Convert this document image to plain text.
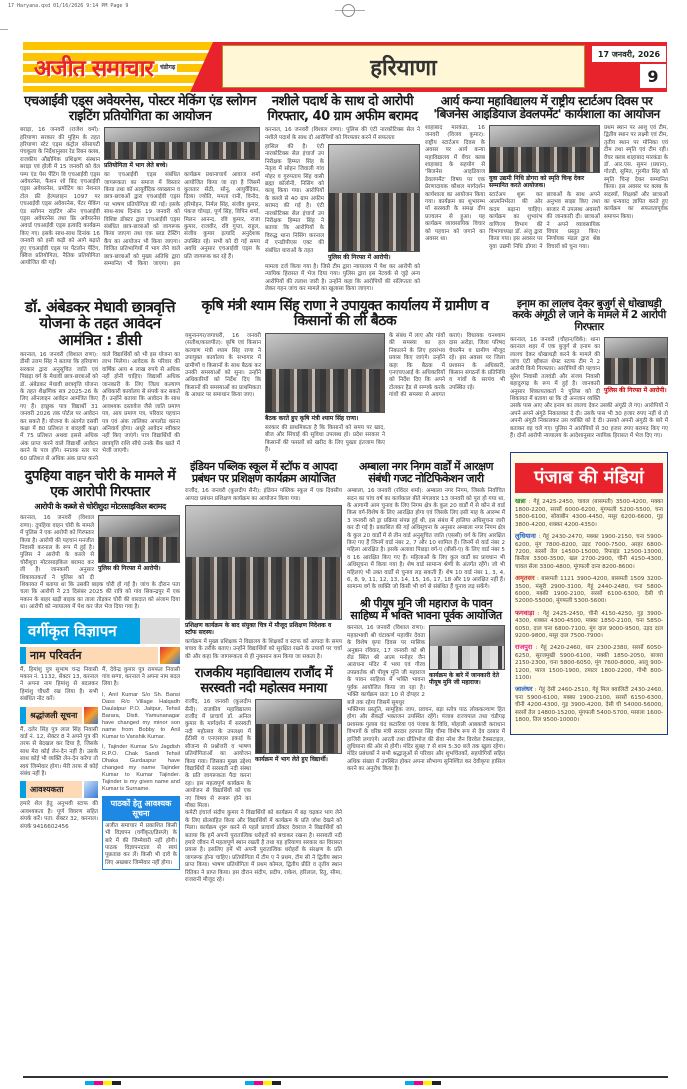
17 Haryana.qxd 01/16/2026 9:14 PM Page 9
अजीत समाचार	चंडीगढ़	हरियाणा
17 जनवरी, 2026
9
एचआईवी एड्स अवेयरनेस, पोस्टर मेकिंग एंड स्लोगन राइटिंग प्रतियोगिता का आयोजन
बराड़ा, 16 जनवरी (राजेश वर्मा): हरियाणा सरकार की मुहिम के तहत हरियाणा स्टेट एड्स कंट्रोल सोसायटी पंचकूला के निर्देशानुसार रेड रिबन क्लब, राजकीय औद्योगिक प्रशिक्षण संस्थान बराड़ा एवं होली में 15 जनवरी को वेल पम्प एंड पेस पेंटिंग वि एचआईवी एड्स अवेयरनेस, फैशन शो बिंद एचआईवी एड्स अवेयरनेस, प्रमोटिंग का नेशनल टोल फ्री हेल्पलाइन 1097 पर एचआईवी एड्स अवेयरनेस, पेंटर मेकिंग एंड स्लोगन राइटिंग ऑन एचआईवी एड्स अवेयरनेस तथा फ्रि अवेयरनेस अवार्ड एचआईवी एड्स इत्यादि कार्यक्रम किए गए। इसके साथ-साथ दिनांक 16 जनवरी को इसी कड़ी को आगे बढ़ाते हुए एचआईवी एड्स पर पेंटलोन पेंटिंग, क्विज प्रतियोगिता, नैतिक प्रतियोगिता आयोजित की गई।
प्रतियोगिता में भाग लेते बच्चे।
का एचआईवी एड्स संबंधित जागरूकता का समाज में विस्तार किया तथा कॉ आयुर्वेदिक व्याख्यान व छात्र-छात्राओं द्वारा एचआईवी एड्स पर भाषण प्रतियोगिता की गई। इसके साथ-साथ दिनांक 19 जनवरी को विशिष्ट डॉक्टर द्वारा एचआईवी एड्स संबंधित छात्र-छात्राओं को जागरूक किया जाएगा तथा एक ब्लड टेस्टिंग कैंप का आयोजन भी किया जाएगा। विजित प्रतिभागियों में भाग लेने वाले छात्र-छात्राओं को मुख्य अतिथि द्वारा सम्मानित भी किया जाएगा। इस कार्यक्रम प्रधानाचार्य आवाज शर्मा आयोजित किया जा रहा है जिसमें कुलतार सेठी, सोनू, आयुर्वेदिका, दिव्या ज्योति, ममता रानी, विनोद, हरिमोहन, निर्मल सिंह, संजीव कुमार, पंकज चोपड़ा, पूर्ण सिंह, विपिन शर्मा, मिलन आनन्द, रवि कुमार, राजा कुमार, राजवीर, रवि गुप्ता, राहुल, संजीव कुमार इत्यादि अनुदेशक उपस्थित रहे। सभी को दी गई समय अवधि अनुसार एचआईवी एड्स के प्रति जागरूक कर रहे हैं।
नशीले पदार्थ के साथ दो आरोपी गिरफ्तार, 40 ग्राम अफीम बरामद
करनाल, 16 जनवरी (विशाल राणा): पुलिस की एंटी नारकोटिक्स सेल ने नशीले पदार्थ के साथ दो आरोपियों को गिरफ्तार करने में सफलता
हासिल की है। एंटी नारकोटिक्स सेल इंचार्ज उप निरीक्षक हिम्मत सिंह के नेतृत्व में सोहन जिवाली गांव मोहर व गुरुपताप सिंह वासी ब्रह्मा कॉलोनी, निसिंग को काबू किया गया। आरोपियों के कब्जे से 40 ग्राम अफीम बरामद की गई है। एंटी नारकोटिक्स सेल इंचार्ज उप निरीक्षक हिम्मत सिंह ने बताया कि आरोपियों के विरुद्ध थाना निसिंग करनाल में एनडीपीएस एक्ट की संबंधित धाराओं के तहत
पुलिस की गिरफ्त में आरोपी।
मामला दर्ज किया गया है। जिसे टीम द्वारा न्यायालय में पेश कर आरोपी को न्यायिक हिरासत में भेज दिया गया। पुलिस द्वारा इस नेटवर्क से जुड़े अन्य आरोपियों की तलाश जारी है। उन्होंने कहा कि आरोपियों की संलिप्तता को लेकर गहन जांच कर मामले का खुलासा किया जाएगा।
आर्य कन्या महाविद्यालय में राष्ट्रीय स्टार्टअप दिवस पर 'बिजनेस आइडियाज डेवलपमेंट' कार्यशाला का आयोजन
शाहाबाद मारकंडा, 16 जनवरी (विजय कुमार): राष्ट्रीय स्टार्टअप दिवस के अवसर पर आर्य कन्या महाविद्यालय में वेंचर क्लब शाहाबाद के सहयोग से 'बिजनेस आइडियाज डेवलपमेंट' विषय पर एक प्रेरणादायक कौशल मार्गदर्शन कार्यशाला का आयोजन किया गया। कार्यक्रम का शुभारम्भ माँ सरस्वती के समक्ष दीप प्रज्वलन से हुआ। यह कार्यक्रम व्यावसायिक विचार को पहचान को जगाने का अवसर था।
युवा उद्यमी निधि डोगरा को स्मृति चिन्ह देकर सम्मानित करते आयोजक।
स्टार्टअप शुरू कर आत्मनिर्भरता की ओर कदम बढ़ाना चाहिए। कार्यक्रम का शुभारंभ वाणिज्य विभाग की विभागाध्यक्ष डॉ. अंजु द्वारा किया गया। इस अवसर पर युवा उद्यमी निधि डोगरा ने छात्राओं के साथ अपने अनुभव साझा किए तथा बाजार में उपलब्ध अवसरों की जानकारी दी। छात्राओं ने अपने व्यावसायिक विचार प्रस्तुत किए। निर्णायक मंडल द्वारा श्रेष्ठ विचारों को चुना गया।
प्रथम स्थान पर आशु एवं टीम, द्वितीय स्थान पर लक्ष्मी एवं टीम, तृतीय स्थान पर मोनिका एवं टीम तथा स्मृति एवं टीम रही। वेंचर क्लब शाहाबाद मारकंडा के डॉ. आर.एस. सुमन (प्रधान), गोल्डी, सुमित, गुरमीत सिंह को स्मृति चिन्ह देकर सम्मानित किया। इस अवसर पर क्लब के सदस्यों, शिक्षकों और छात्राओं का धन्यवाद ज्ञापित करते हुए कार्यक्रम का सफलतापूर्वक समापन किया।
डॉ. अंबेडकर मेधावी छात्रवृत्ति योजना के तहत आवेदन आमंत्रित : डीसी
करनाल, 16 जनवरी (विशाल राणा): डीसी उत्तम सिंह ने बताया कि हरियाणा सरकार द्वारा अनुसूचित जाति एवं पिछड़ा वर्ग के मेधावी छात्र-छात्राओं को डॉ. अंबेडकर मेधावी छात्रवृत्ति योजना के तहत शैक्षणिक सत्र 2025-26 के लिए ऑनलाइन आवेदन आमंत्रित किए गए हैं। इच्छुक पात्र विद्यार्थी 31 जनवरी 2026 तक पोर्टल पर आवेदन कर सकते हैं। योजना के अंतर्गत दसवीं कक्षा में 80 प्रतिशत व बारहवीं कक्षा में 75 प्रतिशत अथवा इससे अधिक अंक प्राप्त करने वाले विद्यार्थी आवेदन करने के पात्र होंगे। स्नातक स्तर पर 60 प्रतिशत से अधिक अंक प्राप्त करने वाले विद्यार्थियों को भी इस योजना का लाभ मिलेगा। आवेदक के परिवार की वार्षिक आय 4 लाख रुपये से अधिक नहीं होनी चाहिए। विद्यार्थी अधिक जानकारी के लिए जिला कल्याण अधिकारी कार्यालय से संपर्क कर सकते हैं। उन्होंने बताया कि आवेदन के साथ आवश्यक दस्तावेज जैसे जाति प्रमाण पत्र, आय प्रमाण पत्र, परिवार पहचान पत्र एवं अंक तालिका अपलोड करना अनिवार्य होगा। अधूरे आवेदन स्वीकार नहीं किए जाएंगे। पात्र विद्यार्थियों की छात्रवृत्ति राशि सीधे उनके बैंक खाते में भेजी जाएगी।
दुपहिया वाहन चोरी के मामले में एक आरोपी गिरफ्तार
आरोपी के कब्जे से चोरीशुदा मोटरसाइकिल बरामद
पुलिस की गिरफ्त में आरोपी।
करनाल, 16 जनवरी (विशाल राणा): दुपहिया वाहन चोरी के मामले में पुलिस ने एक आरोपी को गिरफ्तार किया है। आरोपी की पहचान मनजीत निवासी करनाल के रूप में हुई है। पुलिस ने आरोपी के कब्जे से चोरीशुदा मोटरसाइकिल बरामद कर ली है। जानकारी अनुसार शिकायतकर्ता ने पुलिस को दी शिकायत में बताया था कि उसकी बाइक चोरी हो गई है। जांच के दौरान पता चला कि आरोपी ने 23 दिसंबर 2025 की रात्रि को गांव सिकन्द्रपुर में एक मकान के बाहर खड़ी बाइक का ताला तोड़कर चोरी की वारदात को अंजाम दिया था। आरोपी को न्यायालय में पेश कर जेल भेज दिया गया है।
वर्गीकृत विज्ञापन
नाम परिवर्तन
मैं, हिमांशु पुत्र सुभाष चन्द्र निवासी मकान नं. 1132, सेक्टर 13, करनाल ने अपना नाम हिमांशु से बदलकर हिमांशु चौधरी रख लिया है। सभी संबंधित नोट करें।
श्रद्धांजली सूचना
मैं, दलेर सिंह पुत्र लाल सिंह निवासी वार्ड नं. 12, सेक्टर 8 ने अपने पुत्र की तरफ से बेदखल कर दिया है, जिसके साथ मेरा कोई लेन-देन नहीं है। उसके साथ कोई भी व्यक्ति लेन-देन करेगा तो स्वयं जिम्मेवार होगा। मेरी तरफ से कोई संबंध नहीं है।
आवश्यकता
हमारे शेल हेतु अनुभवी स्टाफ की आवश्यकता है। पूर्ण विवरण सहित संपर्क करें। पता: सेक्टर 32, करनाल। संपर्क 9416602456
मैं, देवेन्द्र कुमार पुत्र रामफल निवासी गांव सग्गा, करनाल ने अपना नाम बदल लिया है।
I, Anil Kumar S/o Sh. Bansi Dass R/o Village Halqadh Daulatpur P.O. Jaitpur, Tehsil Barara, Distt. Yamunanagar have changed my minor son name from Bobby to Anil Kumar to Vanshik Kumar.
I, Tajinder Kumar S/o Jagdish R.P.O. Chak Sandi Tehsil Dhaka Gurdaspur have changed my name Tajinder Kumar to Kumar Tajinder. Tajinder is my given name and Kumar is Surname.
पाठकों हेतु आवश्यक सूचना
अजीत समाचार में प्रकाशित किसी भी विज्ञापन (वर्गीकृत/डिस्प्ले) के बारे में की जिम्मेवारी नहीं होगी। पाठक विज्ञापनदाता से स्वयं पूछताछ कर लें। किसी भी दावे के लिए अखबार जिम्मेवार नहीं होगा।
कृषि मंत्री श्याम सिंह राणा ने उपायुक्त कार्यालय में ग्रामीण व किसानों की ली बैठक
यमुनानगर/जगाधरी, 16 जनवरी (सतीश/कालपीत): कृषि एवं किसान कल्याण मंत्री श्याम सिंह राणा ने उपायुक्त कार्यालय के सभागार में ग्रामीणों व किसानों के साथ बैठक कर उनकी समस्याओं को सुना। उन्होंने अधिकारियों को निर्देश दिए कि किसानों की समस्याओं का प्राथमिकता के आधार पर समाधान किया जाए।
बैठक करते हुए कृषि मंत्री श्याम सिंह राणा।
सरकार की प्राथमिकता है कि किसानों को समय पर खाद, बीज और सिंचाई की सुविधा उपलब्ध हो। प्रदेश सरकार ने किसानों की फसलों को खरीद के लिए पुख्ता इंतजाम किए हैं।
के संबंध में लाए और गांवों की समस्या का हल निकालने के लिए हरसंभव प्रयास किए जाएंगे। उन्होंने कहा कि बैठक में एनएचएआई के अधिकारियों को निर्देश दिए कि अपने टोलकर हैड से सम्पर्क करके गांवों की समस्या से अवगत कराएं। विधायक घनश्याम दास अरोड़ा, जिला परिषद चेयरमैन व ग्रामीण मौजूद रहे। इस अवसर पर जिला प्रशासन के अधिकारी, किसान संगठनों के प्रतिनिधि व गांवों के सरपंच भी उपस्थित रहे।
इंडियन पब्लिक स्कूल में स्टॉफ व आपदा प्रबंधन पर प्रशिक्षण कार्यक्रम आयोजित
राजौंद, 16 जनवरी (कुलदीप सैनी): इंडियन पब्लिक स्कूल में एक दिवसीय आपदा प्रबंधन प्रशिक्षण कार्यक्रम का आयोजन किया गया।
प्रशिक्षण कार्यक्रम के बाद संयुक्त चित्र में मौजूद प्रशिक्षण निदेशक व स्टॉफ सदस्य।
कार्यक्रम में मुख्य प्रशिक्षक ने विद्यालय के शिक्षकों व स्टाफ को आपदा के समय बचाव के तरीके बताए। उन्होंने विद्यार्थियों को सुरक्षित रखने के उपायों पर चर्चा की और कहा कि जागरूकता से ही नुकसान कम किया जा सकता है।
राजकीय महाविद्यालय राजौंद में सरस्वती नदी महोत्सव मनाया
राजौंद, 16 जनवरी (कुलदीप सैनी): राजकीय महाविद्यालय राजौंद में प्राचार्य डॉ. अनिल कुमार के मार्गदर्शन में सरस्वती नदी महोत्सव के उपलक्ष्य में ईंटीसी व एनएसएस इकाई के सौजन्य से प्रश्नोत्तरी व भाषण प्रतियोगिताओं का आयोजन किया गया। जिसका मुख्य उद्देश्य विद्यार्थियों में सरस्वती नदी संस्था के प्रति जागरूकता पैदा करना रहा। इस महत्वपूर्ण कार्यक्रम के आयोजन से विद्यार्थियों को एक नए विषय से रूबरू होने का मौका मिला।
कार्यक्रम में भाग लेते हुए विद्यार्थी।
कमेटी इंचार्ज संदीप कुमार ने विद्यार्थियों को कार्यक्रम में बढ़ चढ़कर भाग लेने के लिए प्रोत्साहित किया और विद्यार्थियों में कार्यक्रम के प्रति जोश देखने को मिला। कार्यक्रम शुरू करने से पहले प्राचार्य डॉक्टर देवराज ने विद्यार्थियों को बताया कि हमें अपनी पुरातात्विक धरोहरों को बचाकर रखना है। सरस्वती नदी हमारे जीवन में महत्वपूर्ण स्थान रखती है तथा यह हरियाणा सरकार का विरासत प्रयास है। इसलिए हमें भी अपनी पुरातात्विक धरोहरों के संरक्षण के प्रति जागरूक होना चाहिए। प्रतियोगिता में टीम ए ने प्रथम, टीम सी ने द्वितीय स्थान प्राप्त किया। भाषण प्रतियोगिता में प्रथम कोमल, द्वितीय प्रीति व तृतीय स्थान रितिका ने प्राप्त किया। इस दौरान संदीप, प्रदीप, राकेश, हरिलाल, रितु, सीमा, राजरानी मौजूद रहे।
अम्बाला नगर निगम वार्डों में आरक्षण संबंधी गजट नोटिफिकेशन जारी
अम्बाला, 16 जनवरी (रविंदर शर्मा): अम्बाला नगर निगम, जिसके निर्वाचित सदन का पांच वर्ष का कार्यकाल बीते मंगलवार 13 जनवरी को पूरा हो गया था, के आगामी आम चुनाव के लिए निगम क्षेत्र के कुल 20 वार्डों में से कौन से वार्ड किस वर्ग-विशेष के लिए आरक्षित होगा एवं जिसके लिए इसी माह के आरम्भ में 3 जनवरी को ड्रा प्रक्रिया संपन्न हुई थी, इस संबंध में हालिया अधिसूचना जारी कर दी गई है। प्रकाशित की गई अधिसूचना के अनुसार अम्बाला नगर निगम क्षेत्र के कुल 20 वार्डों में से तीन वार्ड अनुसूचित जाति (एससी) वर्ग के लिए आरक्षित किए गए हैं जिनमें वार्ड नंबर 2, 7 और 10 शामिल हैं। जिनमें से वार्ड नंबर 2 महिला आरक्षित है। इसके अलावा पिछड़ा वर्ग-ए (बीसी-ए) के लिए वार्ड नंबर 5 व 16 आरक्षित किए गए हैं। महिलाओं के लिए कुल वार्डों का प्रावधान भी अधिसूचना में किया गया है। शेष वार्ड सामान्य श्रेणी के अंतर्गत रहेंगे। जो भी महिलाएं भी उक्त वार्डों से चुनाव लड़ सकती हैं। शेष 10 वार्ड नंबर 1, 3, 4, 6, 8, 9, 11, 12, 13, 14, 15, 16, 17, 18 और 19 आरक्षित नहीं हैं। सामान्य वर्ग के व्यक्ति जो किसी भी वर्ग से संबंधित हैं चुनाव लड़ सकेंगे।
श्री पीयूष मुनि जी महाराज के पावन साहिध्य में भक्ति भावना पूर्वक आयोजित
करनाल, 16 जनवरी (विशाल राणा): महाप्रभावी श्री घंटाकर्ण महावीर देवता के विशेष कृपा दिवस पर मासिक अनुष्ठान रविवार, 17 जनवरी को श्री रोड स्थित श्री आत्म मनोहर जैन आराधना मंदिर में भव्य एवं गौरव उपप्रवर्तक श्री पीयूष मुनि जी महाराज के पावन साहिध्य में भक्ति भावना पूर्वक आयोजित किया जा रहा है। भक्ति कार्यक्रम प्रातः 10 से दोपहर 2 बजे तक रहेगा जिसमें सुमधुर
कार्यक्रम के बारे में जानकारी देते पीयूष मुनि जी महाराज।
भक्तिमय प्रस्तुति, सामूहिक जाप, प्रवचन, बड़ा स्तोत्र पाठ लोककल्याण हित होगा और सैकड़ों भक्तजन उपस्थित रहेंगे। पंजाब राज्यपाल तथा चंडीगढ़ प्रशासक गुलाब चंद कटारिया एवं पंजाब के विधि, मोहाली आबकारी कराधान विभागों के वरिष्ठ मंत्री सरदार हरपाल सिंह चीमा विशेष रूप से देव दरबार में हाजिरी लगाएंगे। आरती तथा प्रीतिभोज की सेवा नरेश जैन विरवेल टैक्सटाइल, लुधियाना की ओर से होगी। मंदिर सुबह 7 से शाम 5:30 बजे तक खुला रहेगा। मंदिर प्रबंधकों ने सभी श्रद्धालुओं से परिवार और शुभचिंतकों, सहयोगियों सहित अधिक संख्या में उपस्थित होकर अपना सौभाग्य सुनिश्चित कर देवीकृपा हासिल करने का अनुरोध किया है।
इनाम का लालच देकर बुजुर्ग से धोखाधड़ी करके अंगूठी ले जाने के मामले में 2 आरोपी गिरफ्तार
पुलिस की गिरफ्त में आरोपी।
करनाल, 16 जनवरी (चौहान/विर्क): थाना करनाल शहर में एक बुजुर्ग से इनाम का लालच देकर धोखाधड़ी करने के मामले की जांच एंटी व्हीकल थेफ्ट स्टाफ टीम ने 2 आरोपी किये गिरफ्तार। आरोपियों की पहचान सुरेश निवासी तलवंडी और संजय निवासी बहादुरगढ़ के रूप में हुई है। जानकारी अनुसार शिकायतकर्ता ने पुलिस को दी शिकायत में बताया था कि दो अनजान व्यक्ति उसके पास आए और इनाम का लालच देकर उसकी अंगूठी ले गए। आरोपियों ने अपने अपने अंगूठे निकालकर दे दी। उसके पास भी 30 हजार रुपए नहीं थे तो अपनी अंगूठी निकालकर उस व्यक्ति को दे दी। उसको अपनी अंगूठी के बारे में बताकर वह चले गए। पुलिस ने आरोपियों से 30 हजार रुपए बरामद किए गए हैं। दोनों आरोपी न्यायालय के आदेशानुसार न्यायिक हिरासत में भेज दिए गए।
पंजाब की मंडियां
खन्ना : गेहूं 2425-2450, चावल (बासमती) 3500-4200, मक्का 1800-2200, सरसों 6000-6200, मूंगफली 5200-5500, चना 5800-6100, सोयाबीन 4300-4450, मसूर 6200-6600, गुड़ 3800-4200, शक्कर 4200-4350।
लुधियाना : गेहूं 2430-2470, मक्का 1900-2150, चना 5900-6200, मूंग 7800-8200, उड़द 7000-7500, अरहर 6800-7200, सरसों तेल 14500-15000, रिफाइंड 12500-13000, बिनौला 3300-3500, खल 2700-2900, चीनी 4150-4300, चावल सेला 3300-4800, मूंगफली दाना 8200-8600।
अमृतसर : बासमती 1121 3900-4200, बासमती 1509 3200-3500, मंसूरी 2900-3100, गेहूं 2440-2480, चना 5800-6000, मक्की 1900-2100, सरसों 6100-6300, देसी घी 52000-55000, मूंगफली 5300-5600।
फगवाड़ा : गेहूं 2425-2450, चीनी 4150-4250, गुड़ 3900-4300, शक्कर 4300-4500, मक्का 1850-2100, चना 5850-6050, दाल चना 6800-7100, मूंग दाल 9000-9500, उड़द दाल 9200-9800, मसूर दाल 7500-7900।
राजपुरा : गेहूं 2420-2460, धान 2300-2380, सरसों 6050-6250, सूरजमुखी 5900-6100, मक्की 1850-2050, बाजरा 2150-2300, चना 5800-6050, मूंग 7600-8000, आलू 900-1200, प्याज 1500-1900, टमाटर 1800-2200, गोभी 800-1100।
जालंधर : गेहूं देसी 2460-2510, गेहूं मिल क्वालिटी 2430-2460, चना 5900-6100, मक्का 1900-2100, सरसों 6150-6300, चीनी 4200-4300, गुड़ 3900-4200, देसी घी 54000-56000, सरसों तेल 14800-15200, मूंगफली 5400-5700, मसाला 1600-1800, तिल 9500-10000।
